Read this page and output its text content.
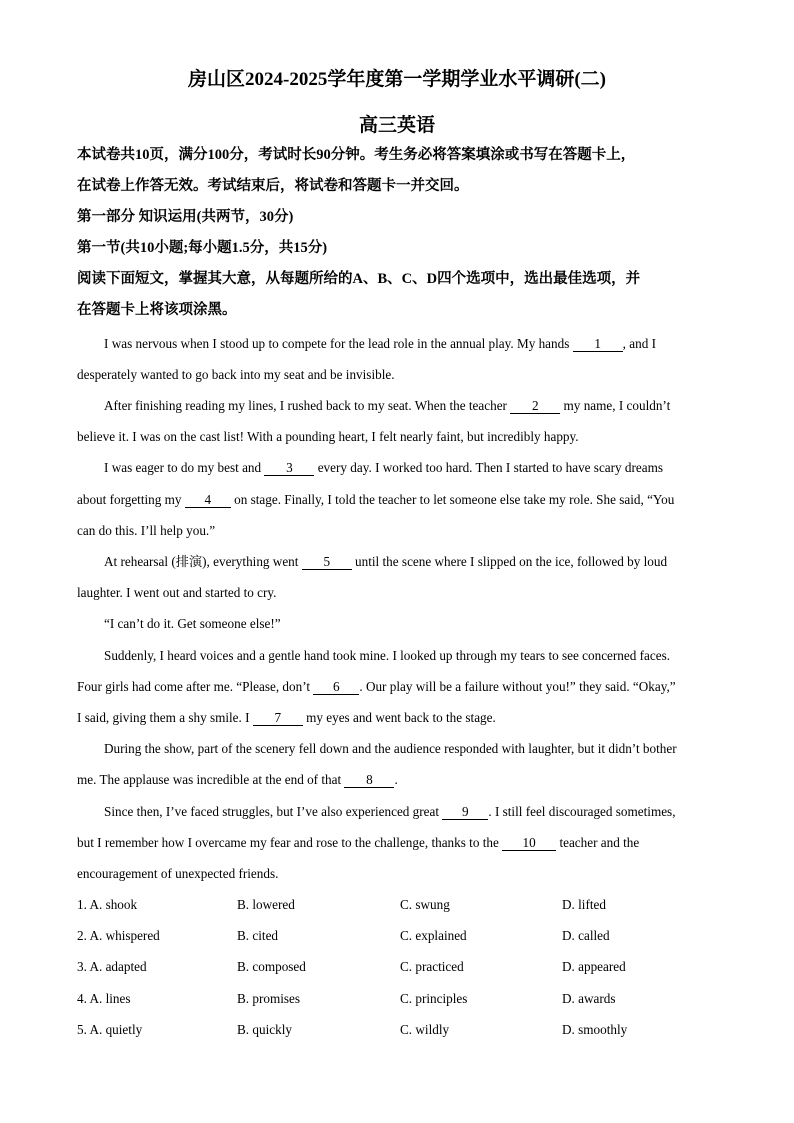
房山区2024-2025学年度第一学期学业水平调研(二)
高三英语

本试卷共10页，满分100分，考试时长90分钟。考生务必将答案填涂或书写在答题卡上，

在试卷上作答无效。考试结束后，将试卷和答题卡一并交回。

第一部分 知识运用(共两节，30分)

第一节(共10小题;每小题1.5分，共15分)

阅读下面短文，掌握其大意，从每题所给的A、B、C、D四个选项中，选出最佳选项，并

在答题卡上将该项涂黑。

I was nervous when I stood up to compete for the lead role in the annual play. My hands 1 , and I

desperately wanted to go back into my seat and be invisible.

After finishing reading my lines, I rushed back to my seat. When the teacher 2 my name, I couldn’t

believe it. I was on the cast list! With a pounding heart, I felt nearly faint, but incredibly happy.

I was eager to do my best and 3 every day. I worked too hard. Then I started to have scary dreams

about forgetting my 4 on stage. Finally, I told the teacher to let someone else take my role. She said, “You

can do this. I’ll help you.”

At rehearsal (排演), everything went 5 until the scene where I slipped on the ice, followed by loud

laughter. I went out and started to cry.

“I can’t do it. Get someone else!”

Suddenly, I heard voices and a gentle hand took mine. I looked up through my tears to see concerned faces.

Four girls had come after me. “Please, don’t 6 . Our play will be a failure without you!” they said. “Okay,”

I said, giving them a shy smile. I 7 my eyes and went back to the stage.

During the show, part of the scenery fell down and the audience responded with laughter, but it didn’t bother

me. The applause was incredible at the end of that 8 .

Since then, I’ve faced struggles, but I’ve also experienced great 9 . I still feel discouraged sometimes,

but I remember how I overcame my fear and rose to the challenge, thanks to the 10 teacher and the

encouragement of unexpected friends.

1. A. shook	B. lowered	C. swung	D. lifted
2. A. whispered	B. cited	C. explained	D. called
3. A. adapted	B. composed	C. practiced	D. appeared
4. A. lines	B. promises	C. principles	D. awards
5. A. quietly	B. quickly	C. wildly	D. smoothly
